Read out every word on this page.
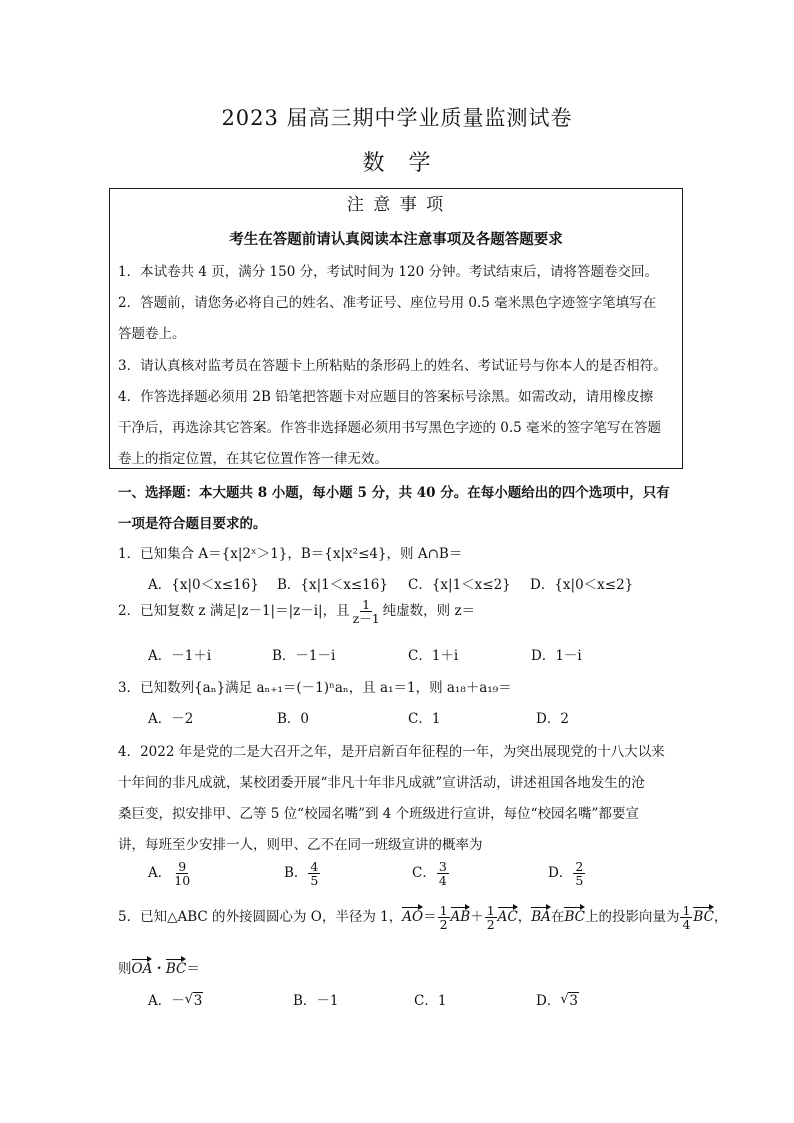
2023 届高三期中学业质量监测试卷
数　学
注 意 事 项
考生在答题前请认真阅读本注意事项及各题答题要求
1．本试卷共 4 页，满分 150 分，考试时间为 120 分钟。考试结束后，请将答题卷交回。
2．答题前，请您务必将自己的姓名、准考证号、座位号用 0.5 毫米黑色字迹签字笔填写在
答题卷上。
3．请认真核对监考员在答题卡上所粘贴的条形码上的姓名、考试证号与你本人的是否相符。
4．作答选择题必须用 2B 铅笔把答题卡对应题目的答案标号涂黑。如需改动，请用橡皮擦
干净后，再选涂其它答案。作答非选择题必须用书写黑色字迹的 0.5 毫米的签字笔写在答题
卷上的指定位置，在其它位置作答一律无效。
一、选择题：本大题共 8 小题，每小题 5 分，共 40 分。在每小题给出的四个选项中，只有
一项是符合题目要求的。
1．已知集合 A＝{x|2ˣ＞1}，B＝{x|x²≤4}，则 A∩B＝
A．{x|0＜x≤16} B．{x|1＜x≤16} C．{x|1＜x≤2} D．{x|0＜x≤2}
2．已知复数 z 满足|z－1|＝|z－i|，且 $\frac{1}{z-1}$ 纯虚数，则 z＝
A．－1＋i	B．－1－i	C．1＋i	D．1－i
3．已知数列{aₙ}满足 aₙ₊₁＝(－1)ⁿaₙ，且 a₁＝1，则 a₁₈＋a₁₉＝
A．－2	B．0	C．1	D．2
4．2022 年是党的二是大召开之年，是开启新百年征程的一年，为突出展现党的十八大以来
十年间的非凡成就，某校团委开展“非凡十年非凡成就”宣讲活动，讲述祖国各地发生的沧
桑巨变，拟安排甲、乙等 5 位“校园名嘴”到 4 个班级进行宣讲，每位“校园名嘴”都要宣
讲，每班至少安排一人，则甲、乙不在同一班级宣讲的概率为
A． $\frac{9}{10}$	B． $\frac{4}{5}$	C． $\frac{3}{4}$	D． $\frac{2}{5}$
5．已知△ABC 的外接圆圆心为 O，半径为 1，$AO= \frac{1}{2} AB+ \frac{1}{2}$ AC，BA在BC上的投影向量为 $\frac{1}{4}$ BC，
则OA・BC＝
A．－ √ 3	B．－1	C．1	D． √ 3
